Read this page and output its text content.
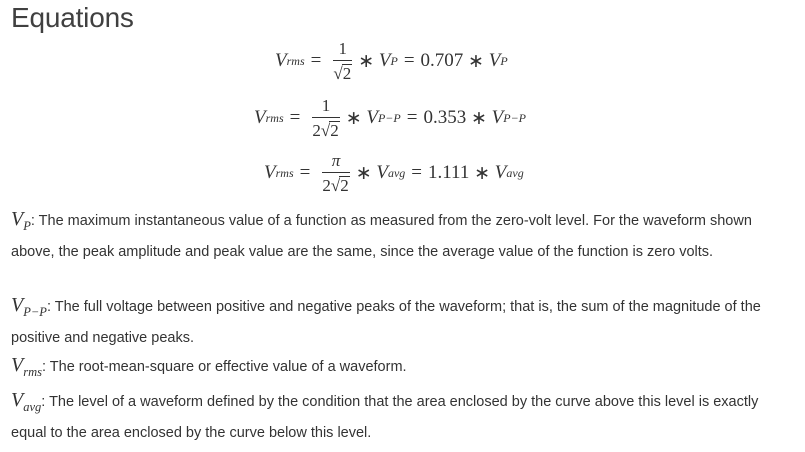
Equations
V rms = $\frac{1}{√ 2}$ ∗
V P = 0.707
∗
V P
V rms = $\frac{1}{2 √ 2}$ ∗
V P−P = 0.353
∗
V P−P
V rms = $\frac{\pi}{2 √ 2}$ ∗
V avg = 1.111
∗
V avg
VP: The maximum instantaneous value of a function as measured from the zero-volt level. For the waveform shown above, the peak amplitude and peak value are the same, since the average value of the function is zero volts.
VP−P: The full voltage between positive and negative peaks of the waveform; that is, the sum of the magnitude of the positive and negative peaks.
Vrms: The root-mean-square or effective value of a waveform.
Vavg: The level of a waveform defined by the condition that the area enclosed by the curve above this level is exactly equal to the area enclosed by the curve below this level.
